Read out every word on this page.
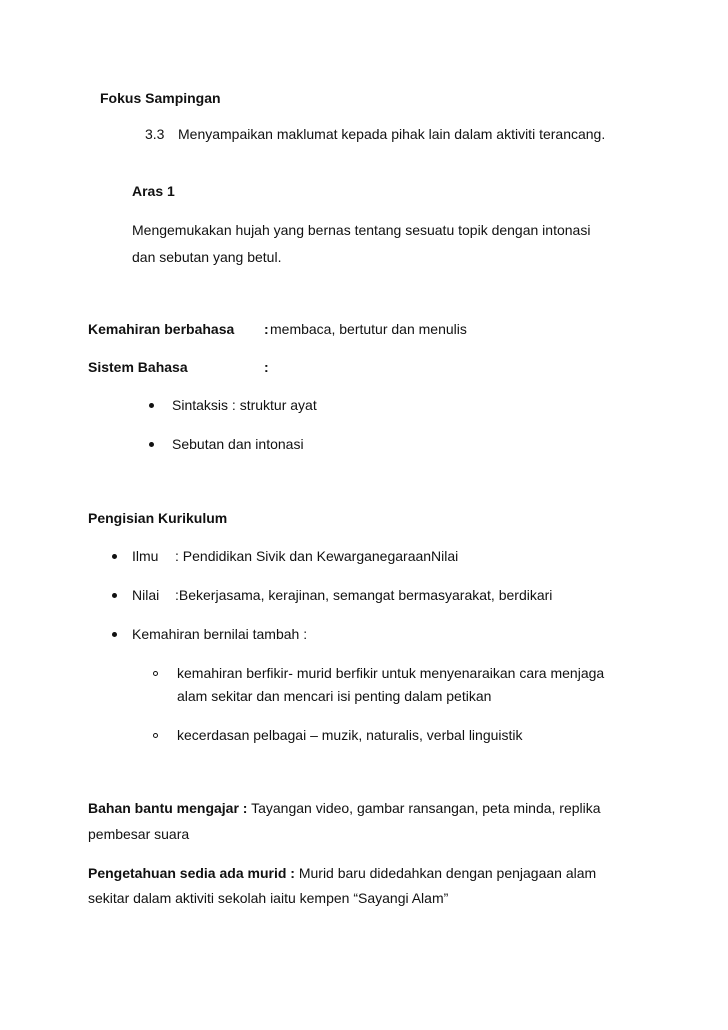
Fokus Sampingan
3.3 Menyampaikan maklumat kepada pihak lain dalam aktiviti terancang.
Aras 1
Mengemukakan hujah yang bernas tentang sesuatu topik dengan intonasi
dan sebutan yang betul.
Kemahiran berbahasa : membaca, bertutur dan menulis
Sistem Bahasa	:
Sintaksis : struktur ayat
Sebutan dan intonasi
Pengisian Kurikulum
Ilmu : Pendidikan Sivik dan KewarganegaraanNilai
Nilai :Bekerjasama, kerajinan, semangat bermasyarakat, berdikari
Kemahiran bernilai tambah :
kemahiran berfikir- murid berfikir untuk menyenaraikan cara menjaga
alam sekitar dan mencari isi penting dalam petikan
kecerdasan pelbagai – muzik, naturalis, verbal linguistik
Bahan bantu mengajar : Tayangan video, gambar ransangan, peta minda, replika
pembesar suara
Pengetahuan sedia ada murid : Murid baru didedahkan dengan penjagaan alam
sekitar dalam aktiviti sekolah iaitu kempen “Sayangi Alam”
